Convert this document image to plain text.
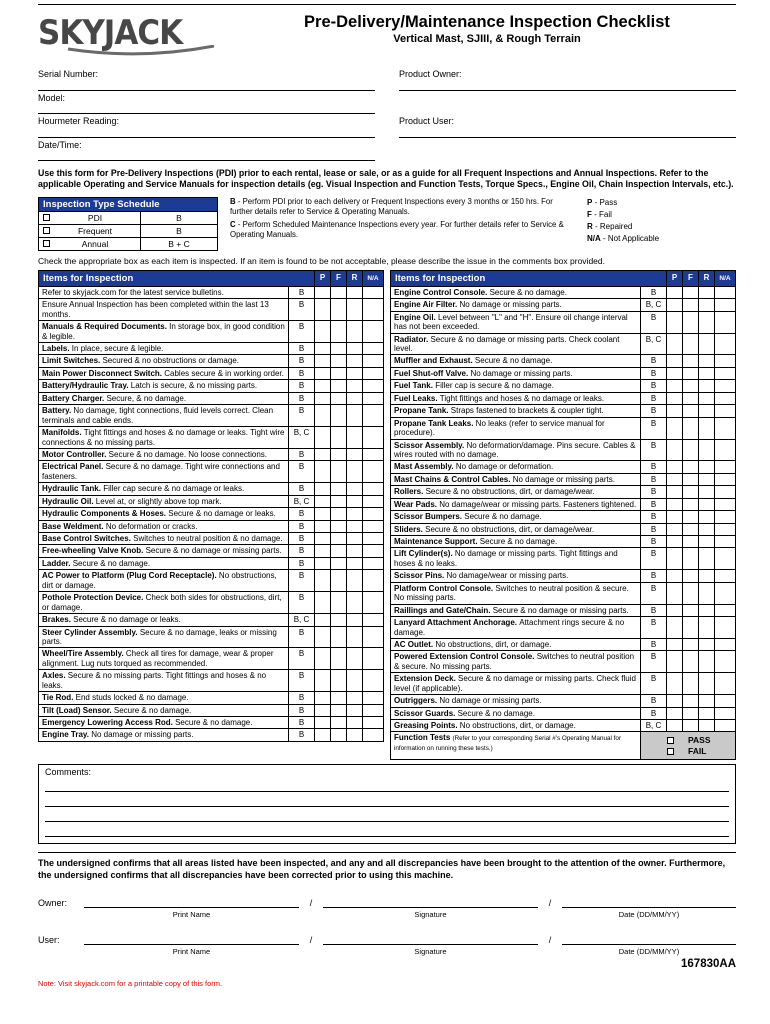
SKYJACK	Pre-Delivery/Maintenance Inspection Checklist
Vertical Mast, SJIII, & Rough Terrain
Serial Number:	Product Owner:
Model:
Hourmeter Reading:	Product User:
Date/Time:

Use this form for Pre-Delivery Inspections (PDI) prior to each rental, lease or sale, or as a guide for all Frequent Inspections and Annual Inspections. Refer to the applicable Operating and Service Manuals for inspection details (eg. Visual Inspection and Function Tests, Torque Specs., Engine Oil, Chain Inspection Intervals, etc.).

Inspection Type Schedule	

PDI	B

Frequent	B

Annual	B + C
B - Perform PDI prior to each delivery or Frequent Inspections every 3 months or 150 hrs. For further details refer to Service & Operating Manuals.
C - Perform Scheduled Maintenance Inspections every year. For further details refer to Service & Operating Manuals.
P - Pass
F - Fail
R - Repaired
N/A - Not Applicable

Check the appropriate box as each item is inspected. If an item is found to be not acceptable, please describe the issue in the comments box provided.

Items for Inspection		P	F	R	N/A
Refer to skyjack.com for the latest service bulletins.	B				
Ensure Annual Inspection has been completed within the last 13 months.	B				
Manuals & Required Documents. In storage box, in good condition & legible.	B				
Labels. In place, secure & legible.	B				
Limit Switches. Secured & no obstructions or damage.	B				
Main Power Disconnect Switch. Cables secure & in working order.	B				
Battery/Hydraulic Tray. Latch is secure, & no missing parts.	B				
Battery Charger. Secure, & no damage.	B				
Battery. No damage, tight connections, fluid levels correct. Clean terminals and cable ends.	B				
Manifolds. Tight fittings and hoses & no damage or leaks. Tight wire connections & no missing parts.	B, C				
Motor Controller. Secure & no damage. No loose connections.	B				
Electrical Panel. Secure & no damage. Tight wire connections and fasteners.	B				
Hydraulic Tank. Filler cap secure & no damage or leaks.	B				
Hydraulic Oil. Level at, or slightly above top mark.	B, C				
Hydraulic Components & Hoses. Secure & no damage or leaks.	B				
Base Weldment. No deformation or cracks.	B				
Base Control Switches. Switches to neutral position & no damage.	B				
Free-wheeling Valve Knob. Secure & no damage or missing parts.	B				
Ladder. Secure & no damage.	B				
AC Power to Platform (Plug Cord Receptacle). No obstructions, dirt or damage.	B				
Pothole Protection Device. Check both sides for obstructions, dirt, or damage.	B				
Brakes. Secure & no damage or leaks.	B, C				
Steer Cylinder Assembly. Secure & no damage, leaks or missing parts.	B				
Wheel/Tire Assembly. Check all tires for damage, wear & proper alignment. Lug nuts torqued as recommended.	B				
Axles. Secure & no missing parts. Tight fittings and hoses & no leaks.	B				
Tie Rod. End studs locked & no damage.	B				
Tilt (Load) Sensor. Secure & no damage.	B				
Emergency Lowering Access Rod. Secure & no damage.	B				
Engine Tray. No damage or missing parts.	B				
Items for Inspection		P	F	R	N/A
Engine Control Console. Secure & no damage.	B				
Engine Air Filter. No damage or missing parts.	B, C				
Engine Oil. Level between "L" and "H". Ensure oil change interval has not been exceeded.	B				
Radiator. Secure & no damage or missing parts. Check coolant level.	B, C				
Muffler and Exhaust. Secure & no damage.	B				
Fuel Shut-off Valve. No damage or missing parts.	B				
Fuel Tank. Filler cap is secure & no damage.	B				
Fuel Leaks. Tight fittings and hoses & no damage or leaks.	B				
Propane Tank. Straps fastened to brackets & coupler tight.	B				
Propane Tank Leaks. No leaks (refer to service manual for procedure).	B				
Scissor Assembly. No deformation/damage. Pins secure. Cables & wires routed with no damage.	B				
Mast Assembly. No damage or deformation.	B				
Mast Chains & Control Cables. No damage or missing parts.	B				
Rollers. Secure & no obstructions, dirt, or damage/wear.	B				
Wear Pads. No damage/wear or missing parts. Fasteners tightened.	B				
Scissor Bumpers. Secure & no damage.	B				
Sliders. Secure & no obstructions, dirt, or damage/wear.	B				
Maintenance Support. Secure & no damage.	B				
Lift Cylinder(s). No damage or missing parts. Tight fittings and hoses & no leaks.	B				
Scissor Pins. No damage/wear or missing parts.	B				
Platform Control Console. Switches to neutral position & secure. No missing parts.	B				
Raillings and Gate/Chain. Secure & no damage or missing parts.	B				
Lanyard Attachment Anchorage. Attachment rings secure & no damage.	B				
AC Outlet. No obstructions, dirt, or damage.	B				
Powered Extension Control Console. Switches to neutral position & secure. No missing parts.	B				
Extension Deck. Secure & no damage or missing parts. Check fluid level (if applicable).	B				
Outriggers. No damage or missing parts.	B				
Scissor Guards. Secure & no damage.	B				
Greasing Points. No obstructions, dirt, or damage.	B, C				
Function Tests (Refer to your corresponding Serial #'s Operating Manual for information on running these tests.)	PASS
FAIL				
Comments:

The undersigned confirms that all areas listed have been inspected, and any and all discrepancies have been brought to the attention of the owner. Furthermore, the undersigned confirms that all discrepancies have been corrected prior to using this machine.

Owner:	/	/
Print Name	Signature	Date (DD/MM/YY)
User:	/	/
Print Name	Signature	Date (DD/MM/YY)
Note: Visit skyjack.com for a printable copy of this form.
167830AA
